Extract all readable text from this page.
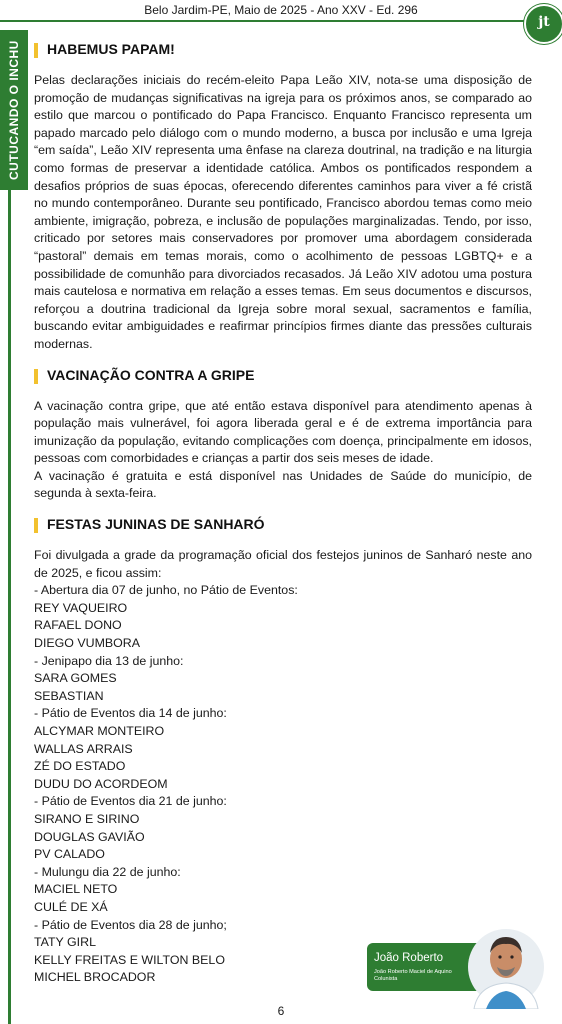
Belo Jardim-PE, Maio de 2025 - Ano XXV - Ed. 296
jt
CUTUCANDO O INCHU	HABEMUS PAPAM!

Pelas declarações iniciais do recém-eleito Papa Leão XIV, nota-se uma disposição de promoção de mudanças significativas na igreja para os próximos anos, se comparado ao estilo que marcou o pontificado do Papa Francisco. Enquanto Francisco representa um papado marcado pelo diálogo com o mundo moderno, a busca por inclusão e uma Igreja “em saída”, Leão XIV representa uma ênfase na clareza doutrinal, na tradição e na liturgia como formas de preservar a identidade católica. Ambos os pontificados respondem a desafios próprios de suas épocas, oferecendo diferentes caminhos para viver a fé cristã no mundo contemporâneo. Durante seu pontificado, Francisco abordou temas como meio ambiente, imigração, pobreza, e inclusão de populações marginalizadas. Tendo, por isso, criticado por setores mais conservadores por promover uma abordagem considerada “pastoral” demais em temas morais, como o acolhimento de pessoas LGBTQ+ e a possibilidade de comunhão para divorciados recasados. Já Leão XIV adotou uma postura mais cautelosa e normativa em relação a esses temas. Em seus documentos e discursos, reforçou a doutrina tradicional da Igreja sobre moral sexual, sacramentos e família, buscando evitar ambiguidades e reafirmar princípios firmes diante das pressões culturais modernas.

VACINAÇÃO CONTRA A GRIPE

A vacinação contra gripe, que até então estava disponível para atendimento apenas à população mais vulnerável, foi agora liberada geral e é de extrema importância para imunização da população, evitando complicações com doença, principalmente em idosos, pessoas com comorbidades e crianças a partir dos seis meses de idade.

A vacinação é gratuita e está disponível nas Unidades de Saúde do município, de segunda à sexta-feira.

FESTAS JUNINAS DE SANHARÓ

Foi divulgada a grade da programação oficial dos festejos juninos de Sanharó neste ano de 2025, e ficou assim:

- Abertura dia 07 de junho, no Pátio de Eventos:

REY VAQUEIRO

RAFAEL DONO

DIEGO VUMBORA

- Jenipapo dia 13 de junho:

SARA GOMES

SEBASTIAN

- Pátio de Eventos dia 14 de junho:

ALCYMAR MONTEIRO

WALLAS ARRAIS

ZÉ DO ESTADO

DUDU DO ACORDEOM

- Pátio de Eventos dia 21 de junho:

SIRANO E SIRINO

DOUGLAS GAVIÃO

PV CALADO

- Mulungu dia 22 de junho:

MACIEL NETO

CULÉ DE XÁ

- Pátio de Eventos dia 28 de junho;

TATY GIRL

KELLY FREITAS E WILTON BELO

MICHEL BROCADOR

João Roberto
João Roberto Maciel de Aquino Colunista
6
